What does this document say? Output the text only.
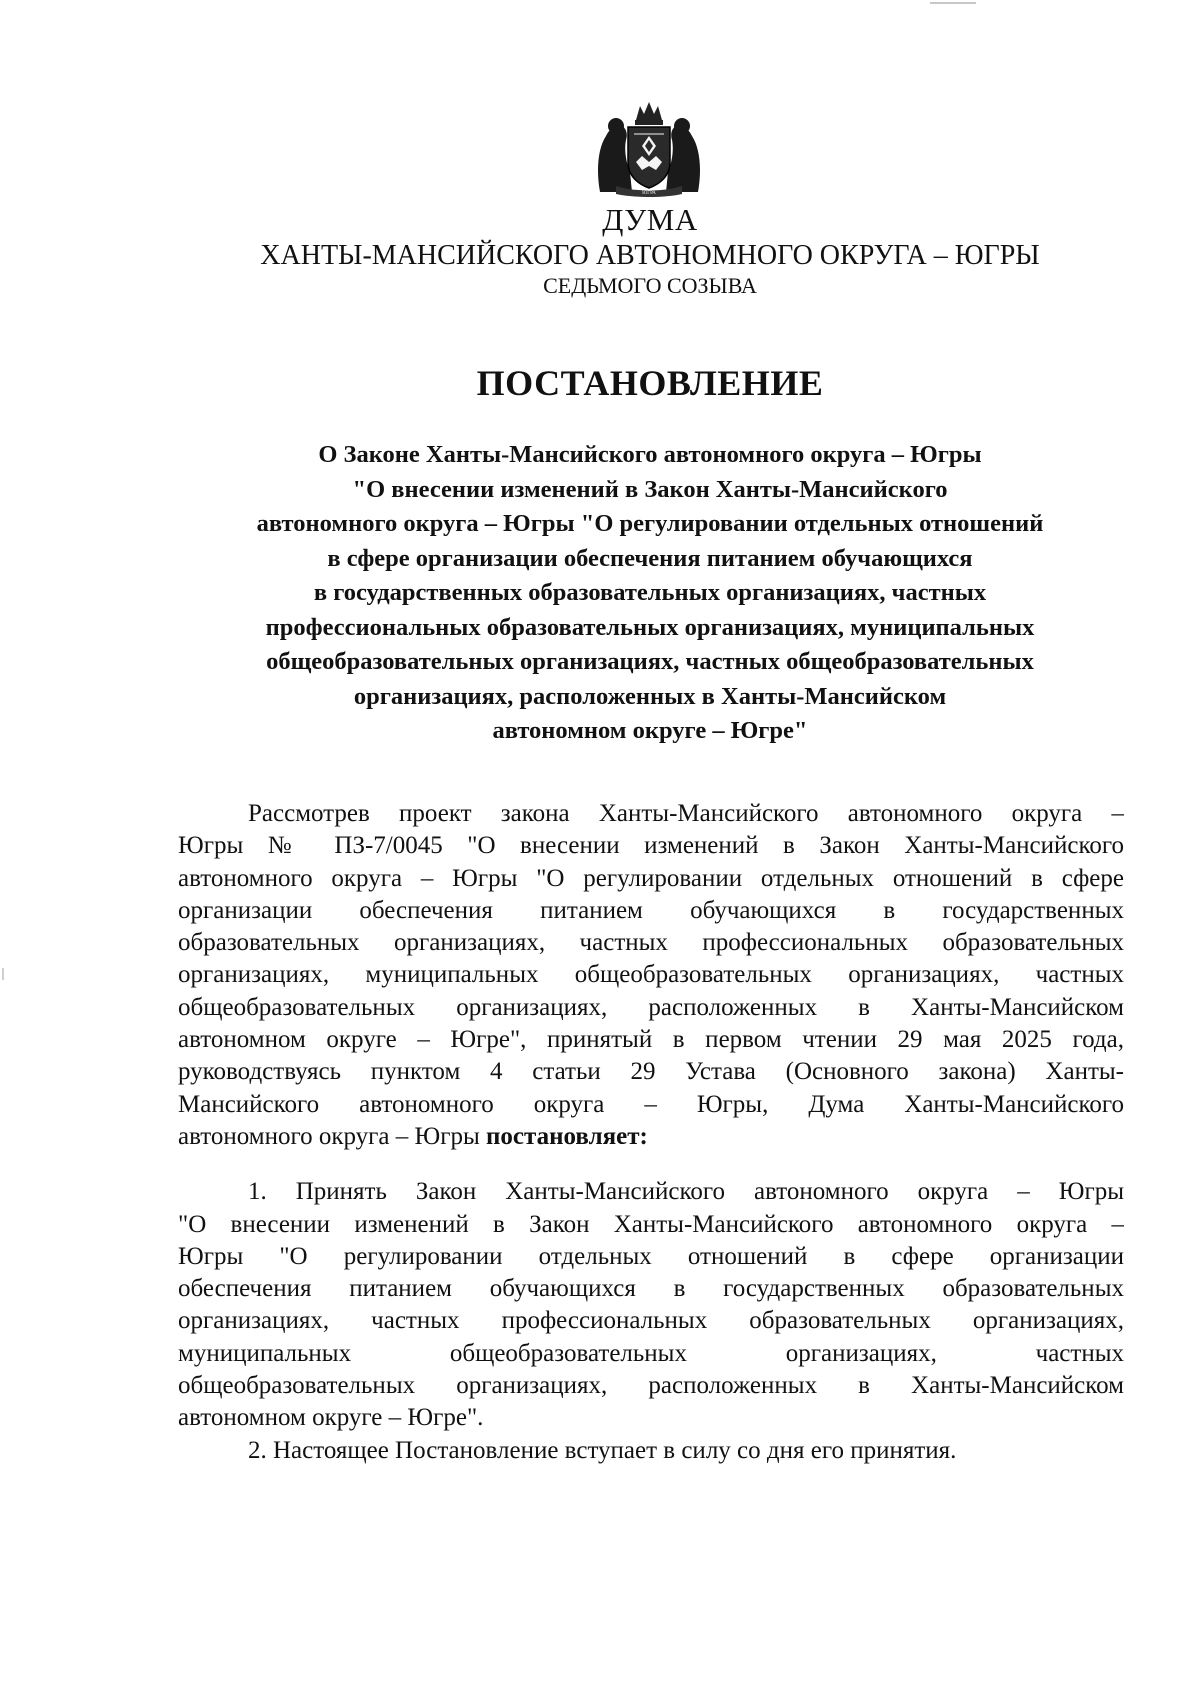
ЮГРА
ДУМА
ХАНТЫ-МАНСИЙСКОГО АВТОНОМНОГО ОКРУГА – ЮГРЫ
СЕДЬМОГО СОЗЫВА
ПОСТАНОВЛЕНИЕ
О Законе Ханты-Мансийского автономного округа – Югры
"О внесении изменений в Закон Ханты-Мансийского
автономного округа – Югры "О регулировании отдельных отношений
в сфере организации обеспечения питанием обучающихся
в государственных образовательных организациях, частных
профессиональных образовательных организациях, муниципальных
общеобразовательных организациях, частных общеобразовательных
организациях, расположенных в Ханты-Мансийском
автономном округе – Югре"
Рассмотрев проект закона Ханты-Мансийского автономного округа –
Югры № ПЗ-7/0045 "О внесении изменений в Закон Ханты-Мансийского
автономного округа – Югры "О регулировании отдельных отношений в сфере
организации обеспечения питанием обучающихся в государственных
образовательных организациях, частных профессиональных образовательных
организациях, муниципальных общеобразовательных организациях, частных
общеобразовательных организациях, расположенных в Ханты-Мансийском
автономном округе – Югре", принятый в первом чтении 29 мая 2025 года,
руководствуясь пунктом 4 статьи 29 Устава (Основного закона) Ханты-
Мансийского автономного округа – Югры, Дума Ханты-Мансийского
автономного округа – Югры постановляет:
1. Принять Закон Ханты-Мансийского автономного округа – Югры
"О внесении изменений в Закон Ханты-Мансийского автономного округа –
Югры "О регулировании отдельных отношений в сфере организации
обеспечения питанием обучающихся в государственных образовательных
организациях, частных профессиональных образовательных организациях,
муниципальных общеобразовательных организациях, частных
общеобразовательных организациях, расположенных в Ханты-Мансийском
автономном округе – Югре".
2. Настоящее Постановление вступает в силу со дня его принятия.
